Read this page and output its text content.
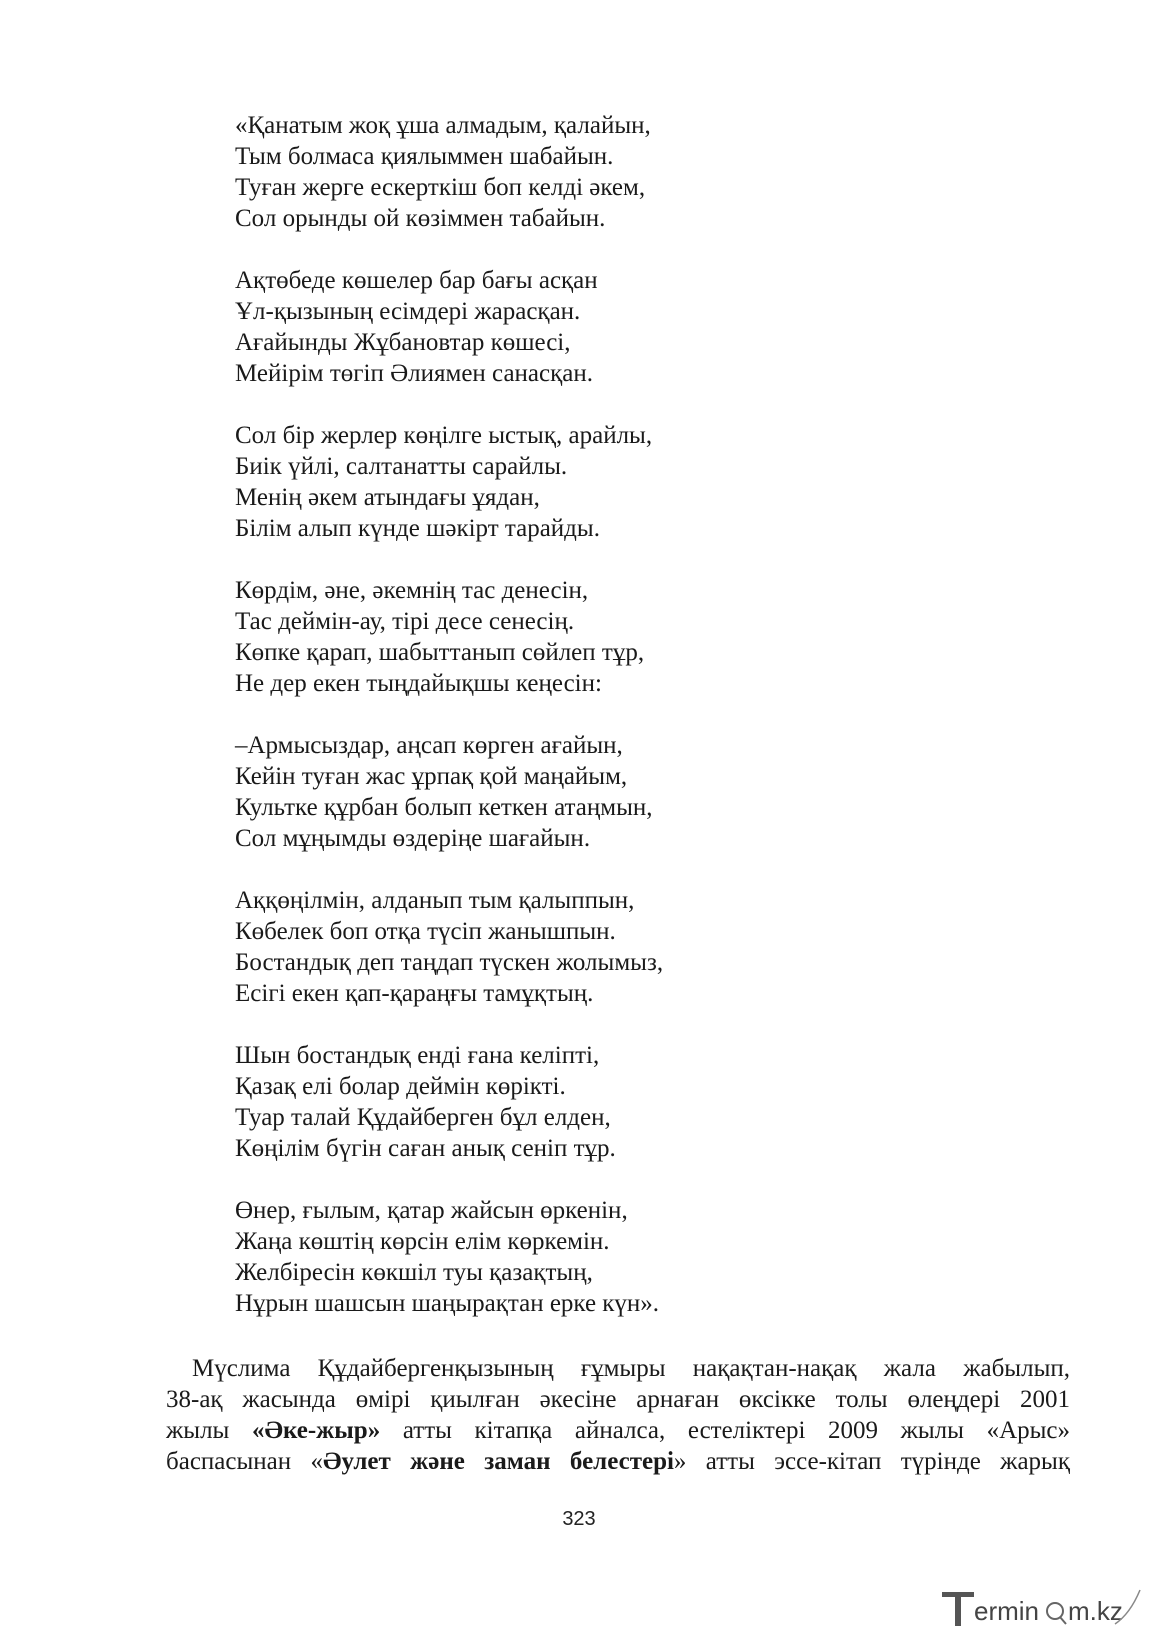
«Қанатым жоқ ұша алмадым, қалайын,
Тым болмаса қиялыммен шабайын.
Туған жерге ескерткіш боп келді әкем,
Сол орынды ой көзіммен табайын.
Ақтөбеде көшелер бар бағы асқан
Ұл-қызының есімдері жарасқан.
Ағайынды Жұбановтар көшесі,
Мейірім төгіп Әлиямен санасқан.
Сол бір жерлер көңілге ыстық, арайлы,
Биік үйлі, салтанатты сарайлы.
Менің әкем атындағы ұядан,
Білім алып күнде шәкірт тарайды.
Көрдім, әне, әкемнің тас денесін,
Тас деймін-ау, тірі десе сенесің.
Көпке қарап, шабыттанып сөйлеп тұр,
Не дер екен тыңдайықшы кеңесін:
–Армысыздар, аңсап көрген ағайын,
Кейін туған жас ұрпақ қой маңайым,
Культке құрбан болып кеткен атаңмын,
Сол мұңымды өздеріңе шағайын.
Аққөңілмін, алданып тым қалыппын,
Көбелек боп отқа түсіп жанышпын.
Бостандық деп таңдап түскен жолымыз,
Есігі екен қап-қараңғы тамұқтың.
Шын бостандық енді ғана келіпті,
Қазақ елі болар деймін көрікті.
Туар талай Құдайберген бұл елден,
Көңілім бүгін саған анық сеніп тұр.
Өнер, ғылым, қатар жайсын өркенін,
Жаңа көштің көрсін елім көркемін.
Желбіресін көкшіл туы қазақтың,
Нұрын шашсын шаңырақтан ерке күн».
Мүслима Құдайбергенқызының ғұмыры нақақтан-нақақ жала жабылып,
38-ақ жасында өмірі қиылған әкесіне арнаған өксікке толы өлеңдері 2001
жылы «Әке-жыр» атты кітапқа айналса, естеліктері 2009 жылы «Арыс»
баспасынан «Әулет және заман белестері» атты эссе-кітап түрінде жарық
323
ermin m.kz
